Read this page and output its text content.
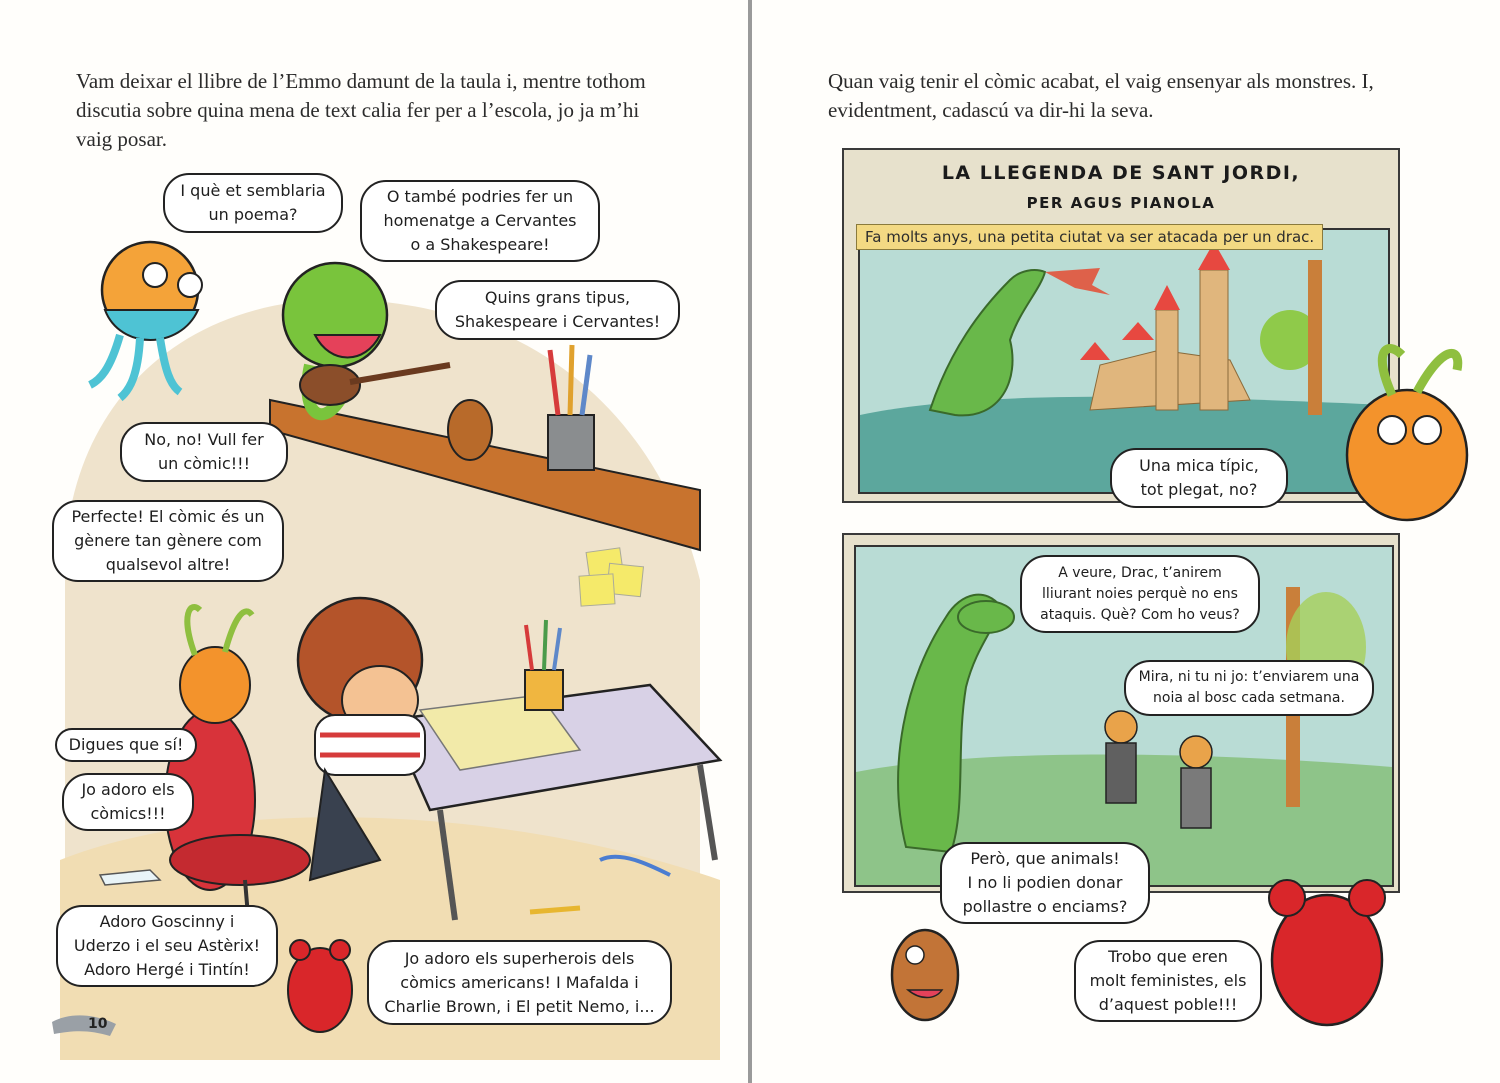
Vam deixar el llibre de l’Emmo damunt de la taula i, mentre tothom discutia sobre quina mena de text calia fer per a l’escola, jo ja m’hi vaig posar.

I què et semblaria
un poema?
O també podries fer un
homenatge a Cervantes
o a Shakespeare!
Quins grans tipus,
Shakespeare i Cervantes!
No, no! Vull fer
un còmic!!!
Perfecte! El còmic és un
gènere tan gènere com
qualsevol altre!
Digues que sí!
Jo adoro els
còmics!!!
Adoro Goscinny i
Uderzo i el seu Astèrix!
Adoro Hergé i Tintín!
Jo adoro els superherois dels
còmics americans! I Mafalda i
Charlie Brown, i El petit Nemo, i...
10

Quan vaig tenir el còmic acabat, el vaig ensenyar als monstres. I, evidentment, cadascú va dir-hi la seva.

LA LLEGENDA DE SANT JORDI,
PER AGUS PIANOLA
Fa molts anys, una petita ciutat va ser atacada per un drac.
Una mica típic,
tot plegat, no?
A veure, Drac, t’anirem
lliurant noies perquè no ens
ataquis. Què? Com ho veus?
Mira, ni tu ni jo: t’enviarem una
noia al bosc cada setmana.
Però, que animals!
I no li podien donar
pollastre o enciams?
Trobo que eren
molt feministes, els
d’aquest poble!!!
